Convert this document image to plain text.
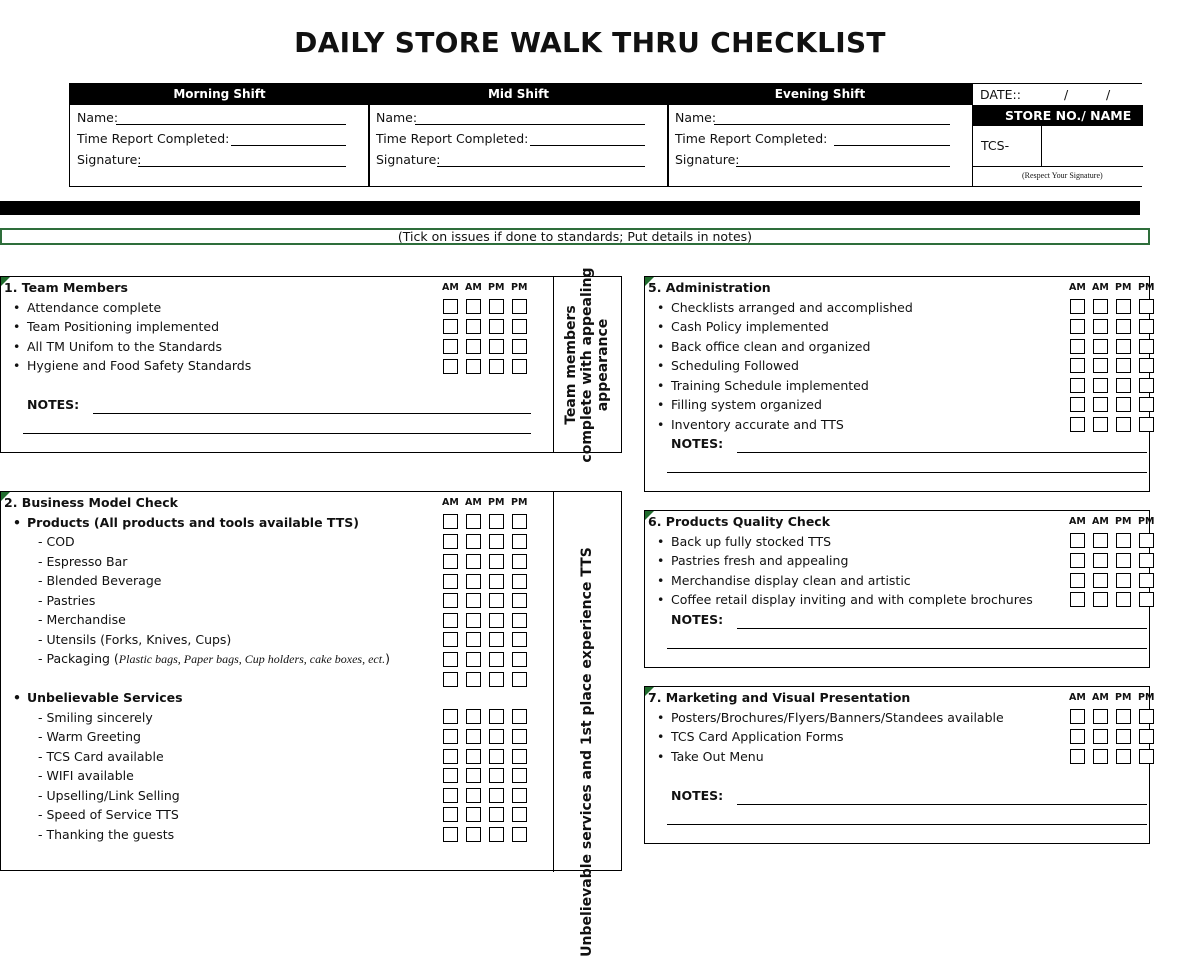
DAILY STORE WALK THRU CHECKLIST
Morning Shift
Name:
Time Report Completed:
Signature:
Mid Shift
Name:
Time Report Completed:
Signature:
Evening Shift
Name:
Time Report Completed:
Signature:
DATE::	/	/
STORE NO./ NAME
TCS-
(Respect Your Signature)
(Tick on issues if done to standards; Put details in notes)
1. Team Members	AM AM PM PM
• Attendance complete
• Team Positioning implemented
• All TM Unifom to the Standards
• Hygiene and Food Safety Standards
NOTES:	Team members complete with appealing appearance
2. Business Model Check	AM AM PM PM
• Products (All products and tools available TTS)
- COD
- Espresso Bar
- Blended Beverage
- Pastries
- Merchandise
- Utensils (Forks, Knives, Cups)
- Packaging (Plastic bags, Paper bags, Cup holders, cake boxes, ect.)
• Unbelievable Services
- Smiling sincerely
- Warm Greeting
- TCS Card available
- WIFI available
- Upselling/Link Selling
- Speed of Service TTS
- Thanking the guests	Unbelievable services and 1st place experience TTS
5. Administration	AM AM PM PM
• Checklists arranged and accomplished
• Cash Policy implemented
• Back office clean and organized
• Scheduling Followed
• Training Schedule implemented
• Filling system organized
• Inventory accurate and TTS
NOTES:
6. Products Quality Check	AM AM PM PM
• Back up fully stocked TTS
• Pastries fresh and appealing
• Merchandise display clean and artistic
• Coffee retail display inviting and with complete brochures
NOTES:
7. Marketing and Visual Presentation	AM AM PM PM
• Posters/Brochures/Flyers/Banners/Standees available
• TCS Card Application Forms
• Take Out Menu
NOTES:
